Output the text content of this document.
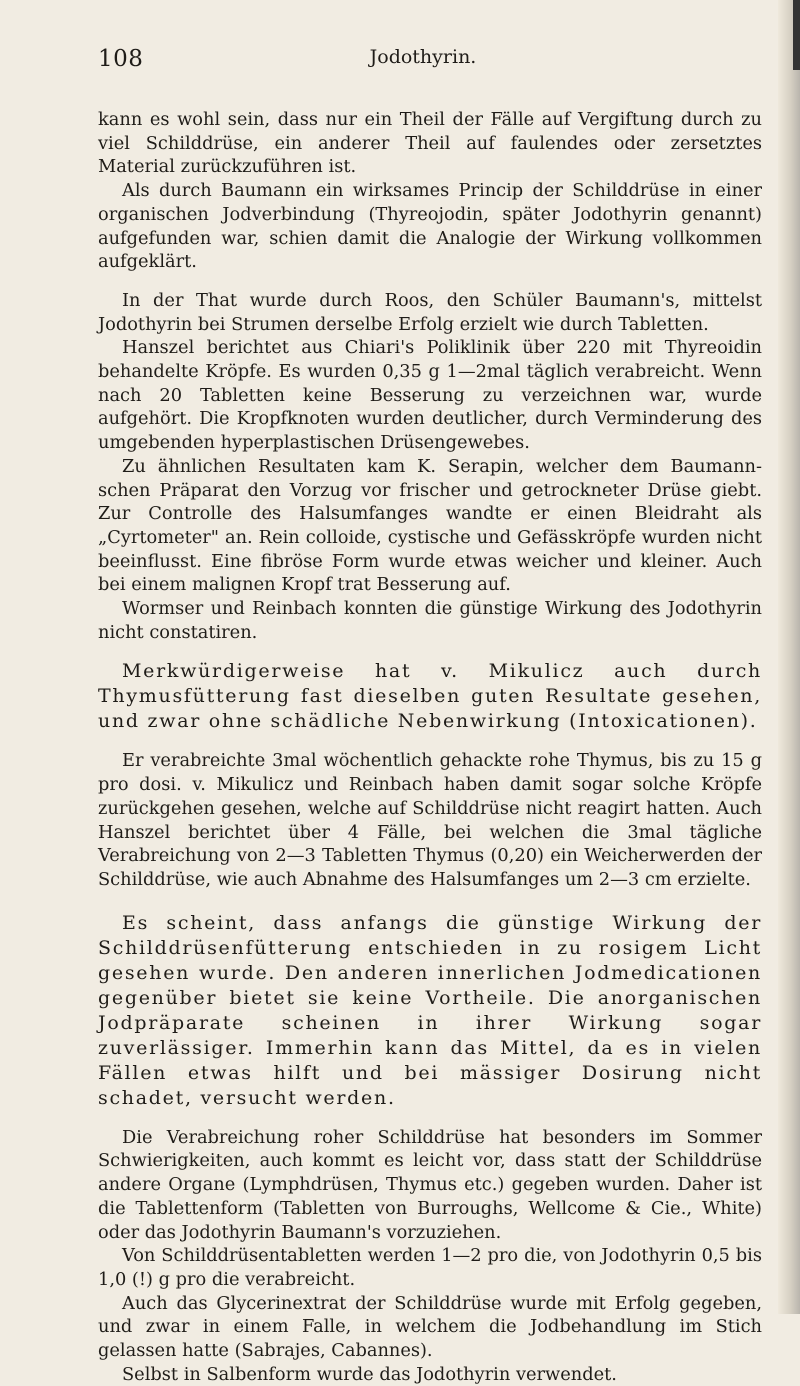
108	Jodothyrin.

kann es wohl sein, dass nur ein Theil der Fälle auf Vergiftung durch zu viel Schilddrüse, ein anderer Theil auf faulendes oder zersetztes Material zurückzuführen ist.

Als durch Baumann ein wirksames Princip der Schilddrüse in einer organischen Jodverbindung (Thyreojodin, später Jodothyrin genannt) aufgefunden war, schien damit die Analogie der Wirkung vollkommen aufgeklärt.

In der That wurde durch Roos, den Schüler Baumann's, mittelst Jodothyrin bei Strumen derselbe Erfolg erzielt wie durch Tabletten.

Hanszel berichtet aus Chiari's Poliklinik über 220 mit Thyreoidin behandelte Kröpfe. Es wurden 0,35 g 1—2mal täglich verabreicht. Wenn nach 20 Tabletten keine Besserung zu verzeichnen war, wurde aufgehört. Die Kropfknoten wurden deutlicher, durch Verminderung des umgebenden hyperplastischen Drüsengewebes.

Zu ähnlichen Resultaten kam K. Serapin, welcher dem Baumann-schen Präparat den Vorzug vor frischer und getrockneter Drüse giebt. Zur Controlle des Halsumfanges wandte er einen Bleidraht als „Cyrtometer" an. Rein colloide, cystische und Gefässkröpfe wurden nicht beeinflusst. Eine fibröse Form wurde etwas weicher und kleiner. Auch bei einem malignen Kropf trat Besserung auf.

Wormser und Reinbach konnten die günstige Wirkung des Jodothyrin nicht constatiren.

Merkwürdigerweise hat v. Mikulicz auch durch Thymusfütterung fast dieselben guten Resultate gesehen, und zwar ohne schädliche Nebenwirkung (Intoxicationen).

Er verabreichte 3mal wöchentlich gehackte rohe Thymus, bis zu 15 g pro dosi. v. Mikulicz und Reinbach haben damit sogar solche Kröpfe zurückgehen gesehen, welche auf Schilddrüse nicht reagirt hatten. Auch Hanszel berichtet über 4 Fälle, bei welchen die 3mal tägliche Verabreichung von 2—3 Tabletten Thymus (0,20) ein Weicherwerden der Schilddrüse, wie auch Abnahme des Halsumfanges um 2—3 cm erzielte.

Es scheint, dass anfangs die günstige Wirkung der Schilddrüsenfütterung entschieden in zu rosigem Licht gesehen wurde. Den anderen innerlichen Jodmedicationen gegenüber bietet sie keine Vortheile. Die anorganischen Jodpräparate scheinen in ihrer Wirkung sogar zuverlässiger. Immerhin kann das Mittel, da es in vielen Fällen etwas hilft und bei mässiger Dosirung nicht schadet, versucht werden.

Die Verabreichung roher Schilddrüse hat besonders im Sommer Schwierigkeiten, auch kommt es leicht vor, dass statt der Schilddrüse andere Organe (Lymphdrüsen, Thymus etc.) gegeben wurden. Daher ist die Tablettenform (Tabletten von Burroughs, Wellcome & Cie., White) oder das Jodothyrin Baumann's vorzuziehen.

Von Schilddrüsentabletten werden 1—2 pro die, von Jodothyrin 0,5 bis 1,0 (!) g pro die verabreicht.

Auch das Glycerinextrat der Schilddrüse wurde mit Erfolg gegeben, und zwar in einem Falle, in welchem die Jodbehandlung im Stich gelassen hatte (Sabrajes, Cabannes).

Selbst in Salbenform wurde das Jodothyrin verwendet.
